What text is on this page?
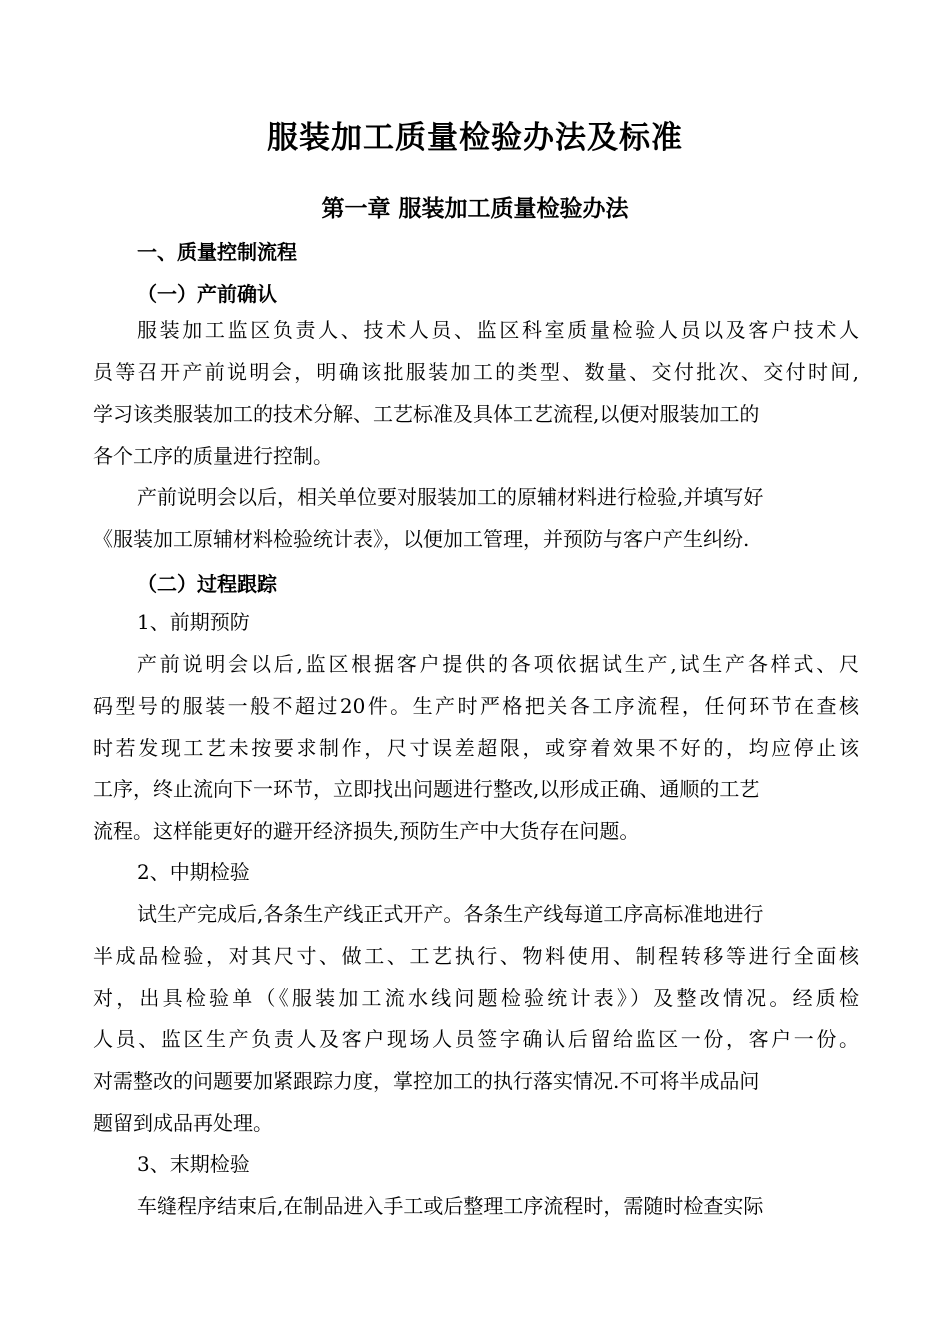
服装加工质量检验办法及标准
第一章 服装加工质量检验办法

一、质量控制流程

（一）产前确认

服装加工监区负责人、技术人员、监区科室质量检验人员以及客户技术人

员等召开产前说明会，明确该批服装加工的类型、数量、交付批次、交付时间,

学习该类服装加工的技术分解、工艺标准及具体工艺流程,以便对服装加工的

各个工序的质量进行控制。

产前说明会以后，相关单位要对服装加工的原辅材料进行检验,并填写好

《服装加工原辅材料检验统计表》，以便加工管理，并预防与客户产生纠纷.

（二）过程跟踪

1、前期预防

产前说明会以后,监区根据客户提供的各项依据试生产,试生产各样式、尺

码型号的服装一般不超过20件。生产时严格把关各工序流程，任何环节在查核

时若发现工艺未按要求制作，尺寸误差超限，或穿着效果不好的，均应停止该

工序，终止流向下一环节，立即找出问题进行整改,以形成正确、通顺的工艺

流程。这样能更好的避开经济损失,预防生产中大货存在问题。

2、中期检验

试生产完成后,各条生产线正式开产。各条生产线每道工序高标准地进行

半成品检验，对其尺寸、做工、工艺执行、物料使用、制程转移等进行全面核

对，出具检验单（《服装加工流水线问题检验统计表》）及整改情况。经质检

人员、监区生产负责人及客户现场人员签字确认后留给监区一份，客户一份。

对需整改的问题要加紧跟踪力度，掌控加工的执行落实情况.不可将半成品问

题留到成品再处理。

3、末期检验

车缝程序结束后,在制品进入手工或后整理工序流程时，需随时检查实际
